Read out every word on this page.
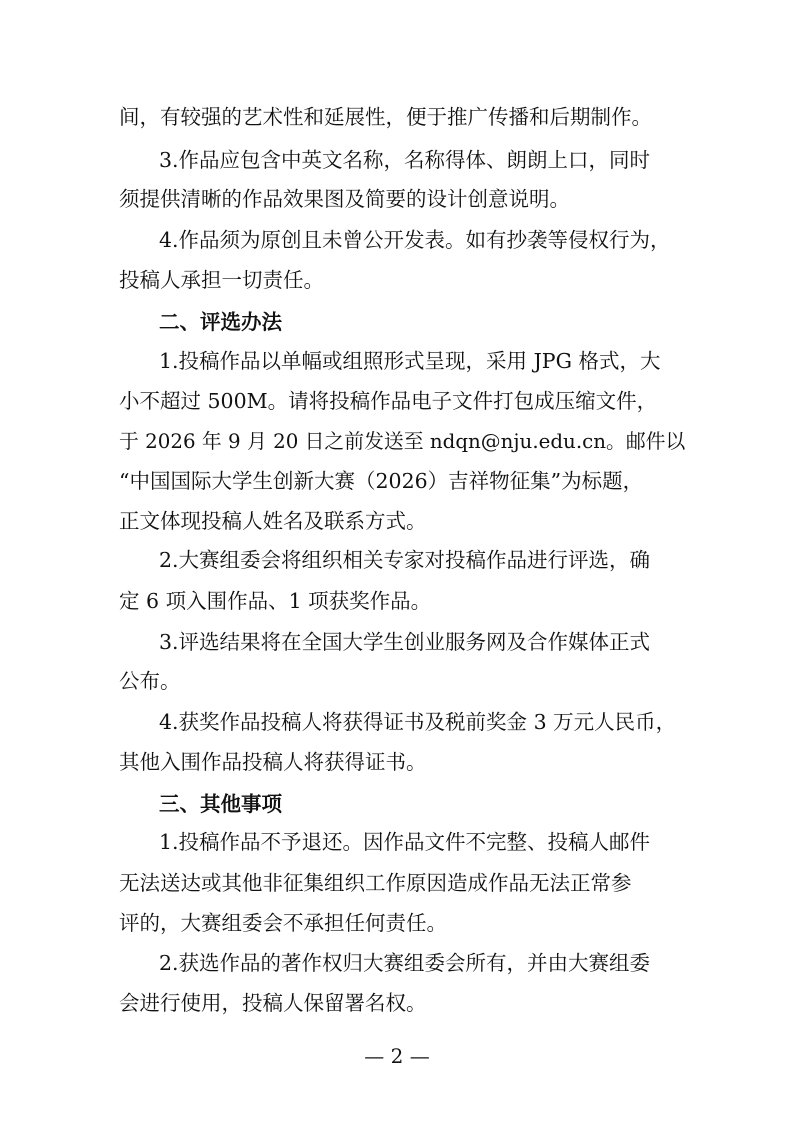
间，有较强的艺术性和延展性，便于推广传播和后期制作。

3.作品应包含中英文名称，名称得体、朗朗上口，同时

须提供清晰的作品效果图及简要的设计创意说明。

4.作品须为原创且未曾公开发表。如有抄袭等侵权行为，

投稿人承担一切责任。

二、评选办法

1.投稿作品以单幅或组照形式呈现，采用 JPG 格式，大

小不超过 500M。请将投稿作品电子文件打包成压缩文件，

于 2026 年 9 月 20 日之前发送至 ndqn@nju.edu.cn。邮件以

“中国国际大学生创新大赛（2026）吉祥物征集”为标题，

正文体现投稿人姓名及联系方式。

2.大赛组委会将组织相关专家对投稿作品进行评选，确

定 6 项入围作品、1 项获奖作品。

3.评选结果将在全国大学生创业服务网及合作媒体正式

公布。

4.获奖作品投稿人将获得证书及税前奖金 3 万元人民币，

其他入围作品投稿人将获得证书。

三、其他事项

1.投稿作品不予退还。因作品文件不完整、投稿人邮件

无法送达或其他非征集组织工作原因造成作品无法正常参

评的，大赛组委会不承担任何责任。

2.获选作品的著作权归大赛组委会所有，并由大赛组委

会进行使用，投稿人保留署名权。

— 2 —
